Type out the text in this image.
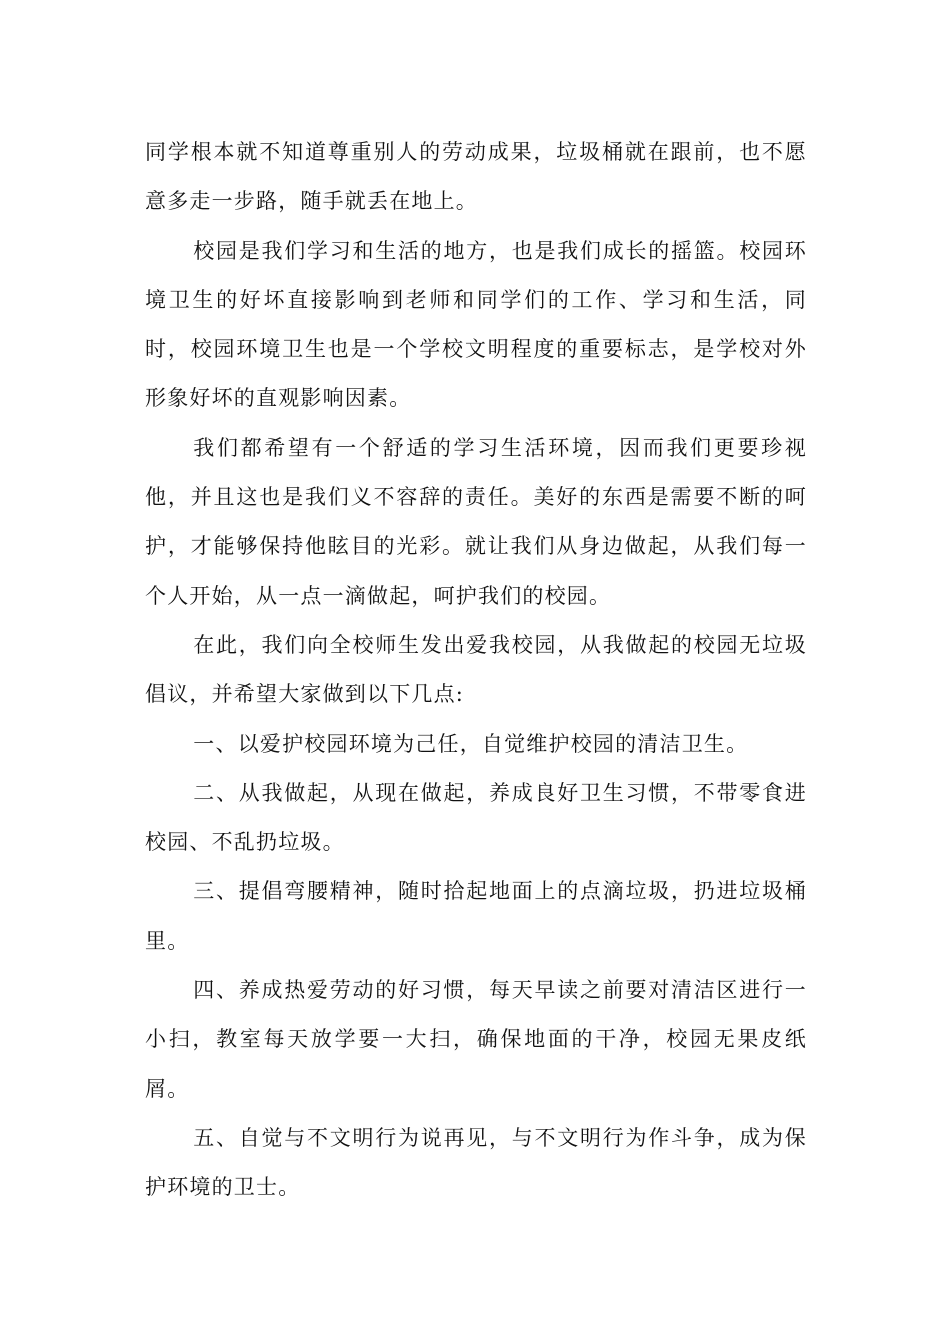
同学根本就不知道尊重别人的劳动成果，垃圾桶就在跟前，也不愿意多走一步路，随手就丢在地上。

校园是我们学习和生活的地方，也是我们成长的摇篮。校园环境卫生的好坏直接影响到老师和同学们的工作、学习和生活，同时，校园环境卫生也是一个学校文明程度的重要标志，是学校对外形象好坏的直观影响因素。

我们都希望有一个舒适的学习生活环境，因而我们更要珍视他，并且这也是我们义不容辞的责任。美好的东西是需要不断的呵护，才能够保持他眩目的光彩。就让我们从身边做起，从我们每一个人开始，从一点一滴做起，呵护我们的校园。

在此，我们向全校师生发出爱我校园，从我做起的校园无垃圾倡议，并希望大家做到以下几点:

一、以爱护校园环境为己任，自觉维护校园的清洁卫生。

二、从我做起，从现在做起，养成良好卫生习惯，不带零食进校园、不乱扔垃圾。

三、提倡弯腰精神，随时拾起地面上的点滴垃圾，扔进垃圾桶里。

四、养成热爱劳动的好习惯，每天早读之前要对清洁区进行一小扫，教室每天放学要一大扫，确保地面的干净，校园无果皮纸屑。

五、自觉与不文明行为说再见，与不文明行为作斗争，成为保护环境的卫士。
